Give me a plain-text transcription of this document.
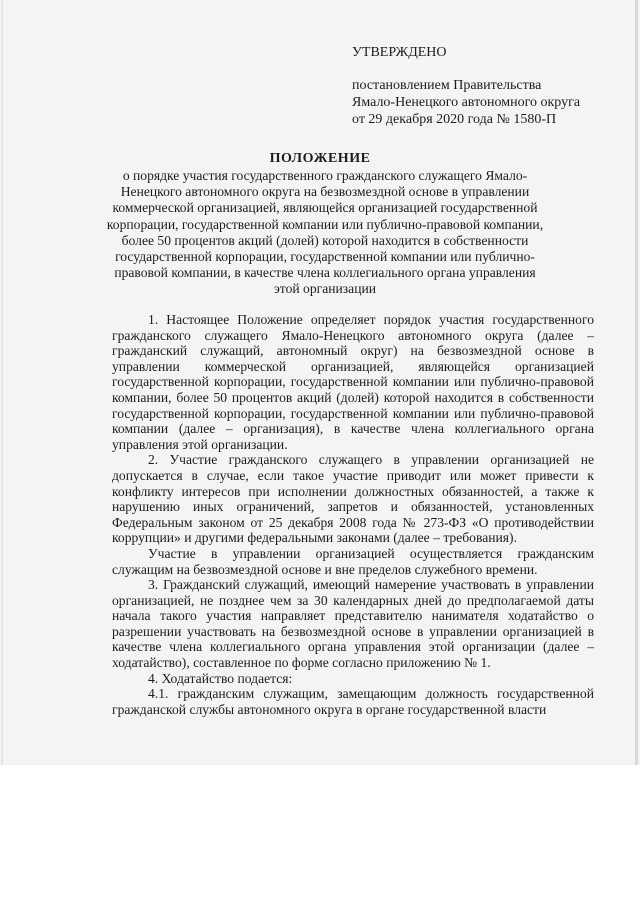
УТВЕРЖДЕНО
постановлением Правительства
Ямало-Ненецкого автономного округа
от 29 декабря 2020 года № 1580-П
ПОЛОЖЕНИЕ
о порядке участия государственного гражданского служащего Ямало-Ненецкого автономного округа на безвозмездной основе в управлении коммерческой организацией, являющейся организацией государственной корпорации, государственной компании или публично-правовой компании, более 50 процентов акций (долей) которой находится в собственности государственной корпорации, государственной компании или публично-правовой компании, в качестве члена коллегиального органа управления этой организации

1. Настоящее Положение определяет порядок участия государственного гражданского служащего Ямало-Ненецкого автономного округа (далее – гражданский служащий, автономный округ) на безвозмездной основе в управлении коммерческой организацией, являющейся организацией государственной корпорации, государственной компании или публично-правовой компании, более 50 процентов акций (долей) которой находится в собственности государственной корпорации, государственной компании или публично-правовой компании (далее – организация), в качестве члена коллегиального органа управления этой организации.

2. Участие гражданского служащего в управлении организацией не допускается в случае, если такое участие приводит или может привести к конфликту интересов при исполнении должностных обязанностей, а также к нарушению иных ограничений, запретов и обязанностей, установленных Федеральным законом от 25 декабря 2008 года № 273-ФЗ «О противодействии коррупции» и другими федеральными законами (далее – требования).

Участие в управлении организацией осуществляется гражданским служащим на безвозмездной основе и вне пределов служебного времени.

3. Гражданский служащий, имеющий намерение участвовать в управлении организацией, не позднее чем за 30 календарных дней до предполагаемой даты начала такого участия направляет представителю нанимателя ходатайство о разрешении участвовать на безвозмездной основе в управлении организацией в качестве члена коллегиального органа управления этой организации (далее – ходатайство), составленное по форме согласно приложению № 1.

4. Ходатайство подается:

4.1. гражданским служащим, замещающим должность государственной гражданской службы автономного округа в органе государственной власти
